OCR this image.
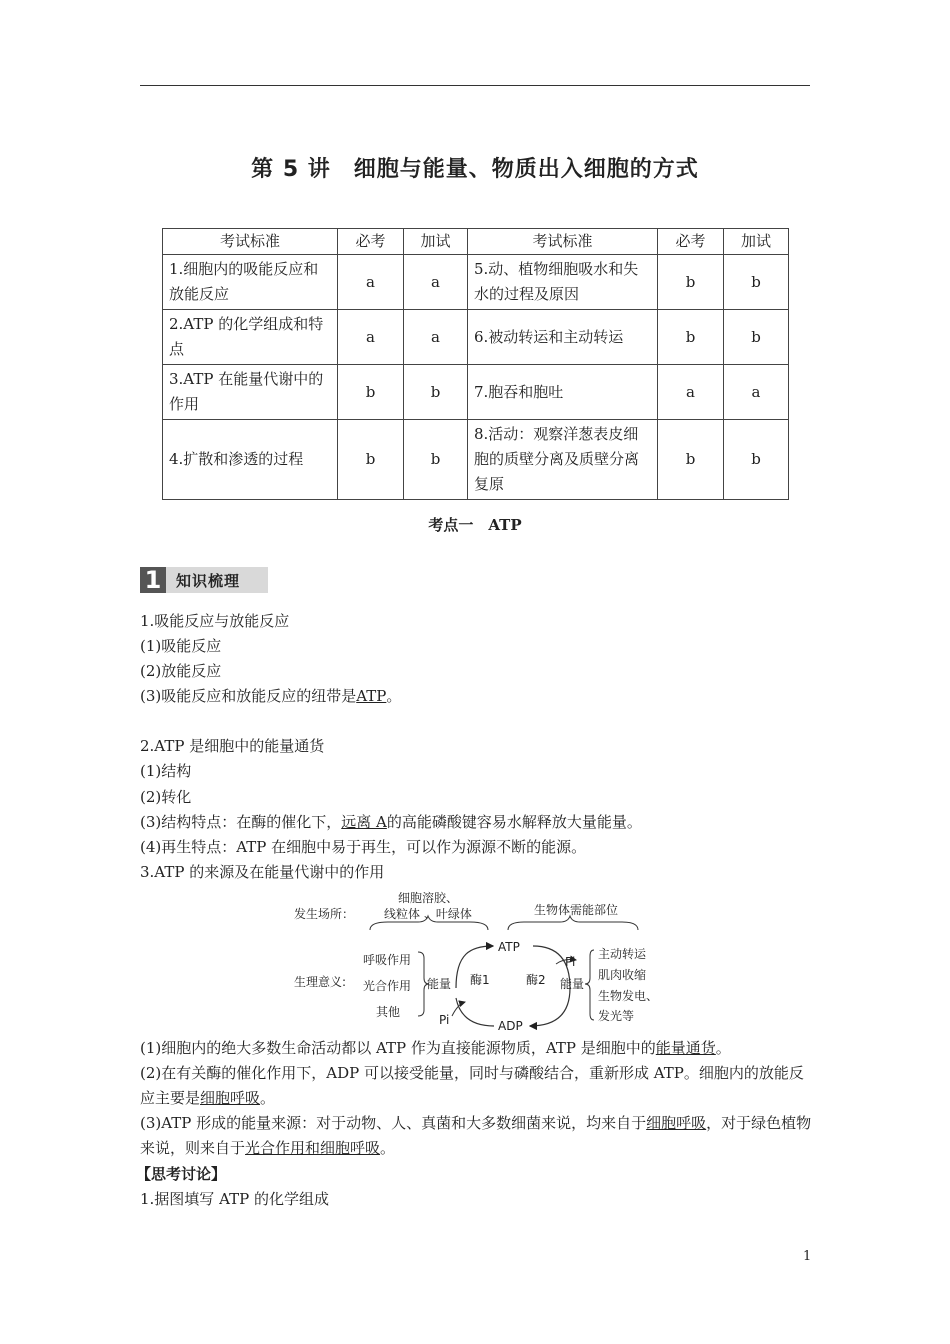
第 5 讲　细胞与能量、物质出入细胞的方式
考试标准	必考	加试	考试标准	必考	加试
1.细胞内的吸能反应和放能反应	a	a	5.动、植物细胞吸水和失水的过程及原因	b	b
2.ATP 的化学组成和特点	a	a	6.被动转运和主动转运	b	b
3.ATP 在能量代谢中的作用	b	b	7.胞吞和胞吐	a	a
4.扩散和渗透的过程	b	b	8.活动：观察洋葱表皮细胞的质壁分离及质壁分离复原	b	b
考点一　ATP
1 知识梳理
1.吸能反应与放能反应
(1)吸能反应
(2)放能反应
(3)吸能反应和放能反应的纽带是ATP。
2.ATP 是细胞中的能量通货
(1)结构
(2)转化
(3)结构特点：在酶的催化下，远离 A的高能磷酸键容易水解释放大量能量。
(4)再生特点：ATP 在细胞中易于再生，可以作为源源不断的能源。
3.ATP 的来源及在能量代谢中的作用
发生场所：
细胞溶胶、
线粒体 、叶绿体	生物体需能部位
生理意义:
呼吸作用
光合作用
其他
能量
ATP
ADP
酶1	酶2
Pi
Pi
能量
主动转运
肌肉收缩
生物发电、
发光等
(1)细胞内的绝大多数生命活动都以 ATP 作为直接能源物质，ATP 是细胞中的能量通货。
(2)在有关酶的催化作用下，ADP 可以接受能量，同时与磷酸结合，重新形成 ATP。细胞内的放能反应主要是细胞呼吸。
(3)ATP 形成的能量来源：对于动物、人、真菌和大多数细菌来说，均来自于细胞呼吸，对于绿色植物来说，则来自于光合作用和细胞呼吸。
【思考讨论】
1.据图填写 ATP 的化学组成
1
